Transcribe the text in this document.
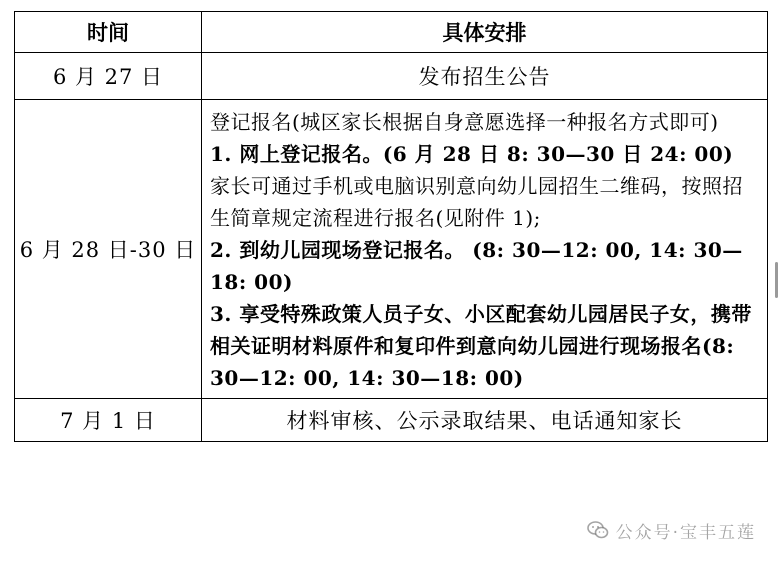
时间	具体安排
6 月 27 日	发布招生公告
6 月 28 日-30 日	登记报名(城区家长根据自身意愿选择一种报名方式即可)

1. 网上登记报名。(6 月 28 日 8: 30—30 日 24: 00)

家长可通过手机或电脑识别意向幼儿园招生二维码，按照招生简章规定流程进行报名(见附件 1);

2. 到幼儿园现场登记报名。 (8: 30—12: 00, 14: 30—18: 00)

3. 享受特殊政策人员子女、小区配套幼儿园居民子女，携带相关证明材料原件和复印件到意向幼儿园进行现场报名(8: 30—12: 00, 14: 30—18: 00)

7 月 1 日	材料审核、公示录取结果、电话通知家长
公众号·宝丰五莲
